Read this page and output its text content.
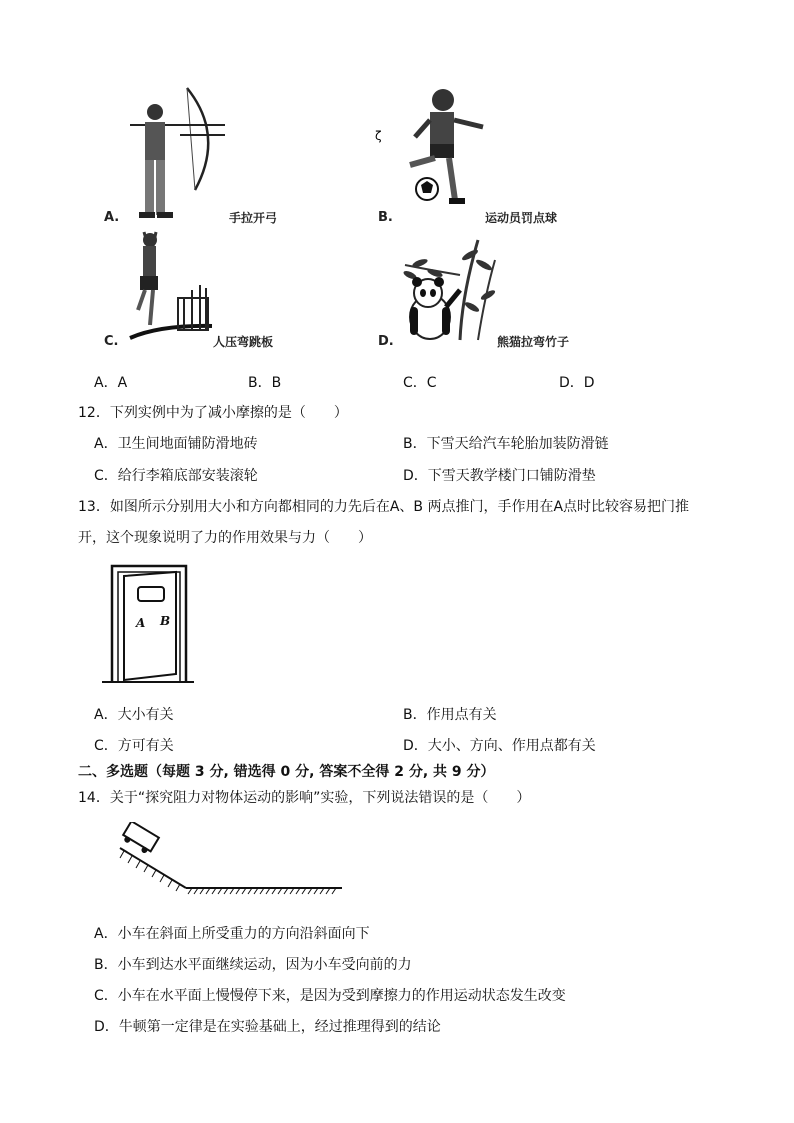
A.	手拉开弓
ζ
B.	运动员罚点球
C.	人压弯跳板	D.	熊猫拉弯竹子
A．A	B．B	C．C	D．D
12．下列实例中为了减小摩擦的是（　　）
A．卫生间地面铺防滑地砖	B．下雪天给汽车轮胎加装防滑链
C．给行李箱底部安装滚轮	D．下雪天教学楼门口铺防滑垫
13．如图所示分别用大小和方向都相同的力先后在A、B 两点推门，手作用在A点时比较容易把门推
开，这个现象说明了力的作用效果与力（　　）
A B
A．大小有关	B．作用点有关
C．方可有关	D．大小、方向、作用点都有关
二、多选题（每题 3 分, 错选得 0 分, 答案不全得 2 分, 共 9 分）
14．关于“探究阻力对物体运动的影响”实验，下列说法错误的是（　　）
A．小车在斜面上所受重力的方向沿斜面向下
B．小车到达水平面继续运动，因为小车受向前的力
C．小车在水平面上慢慢停下来，是因为受到摩擦力的作用运动状态发生改变
D．牛顿第一定律是在实验基础上，经过推理得到的结论
